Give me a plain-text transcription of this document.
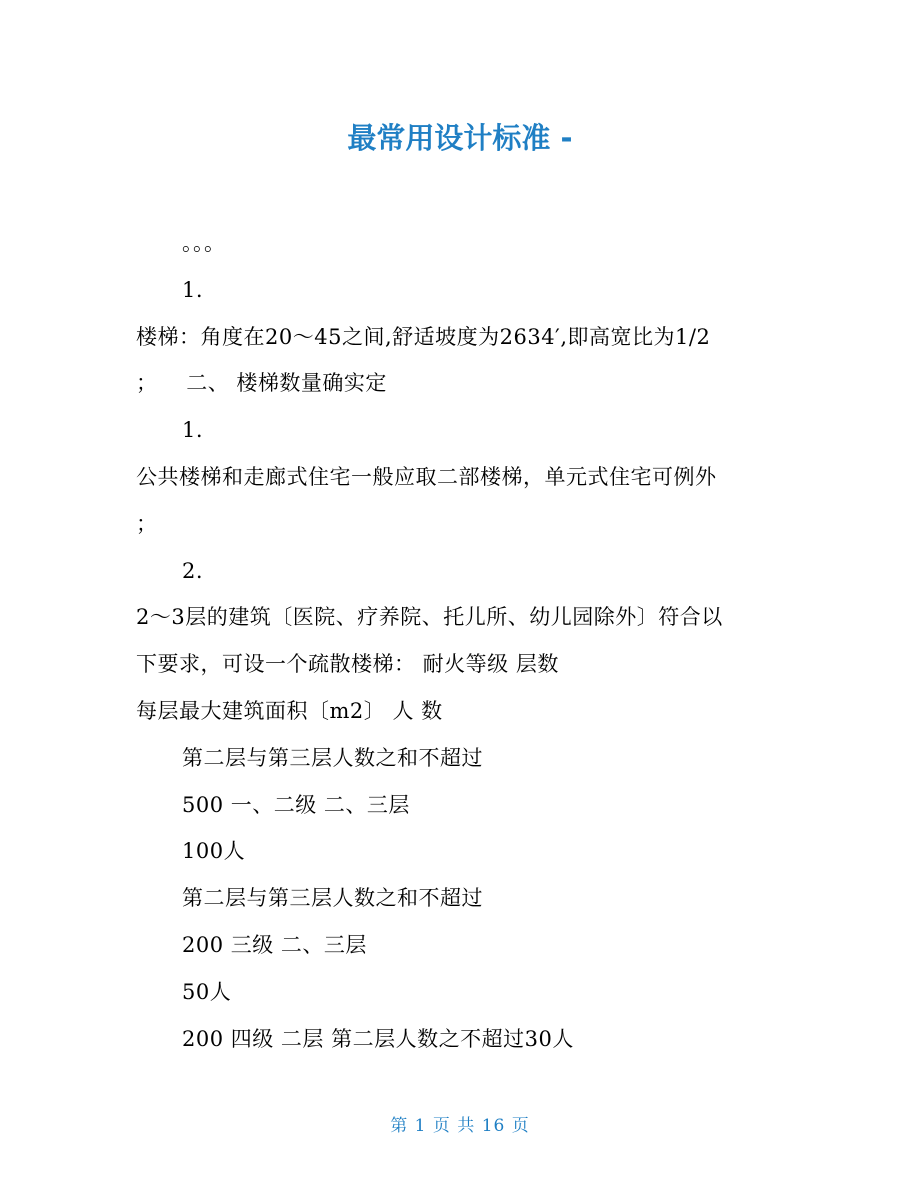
最常用设计标准 -
。。。
1.
楼梯：角度在20～45之间,舒适坡度为2634′,即高宽比为1/2
；    二、 楼梯数量确实定
1.
公共楼梯和走廊式住宅一般应取二部楼梯，单元式住宅可例外
；
2.
2～3层的建筑〔医院、疗养院、托儿所、幼儿园除外〕符合以
下要求，可设一个疏散楼梯： 耐火等级 层数
每层最大建筑面积〔m2〕 人 数
第二层与第三层人数之和不超过
500 一、二级 二、三层
100人
第二层与第三层人数之和不超过
200 三级 二、三层
50人
200 四级 二层 第二层人数之不超过30人
第 1 页 共 16 页
